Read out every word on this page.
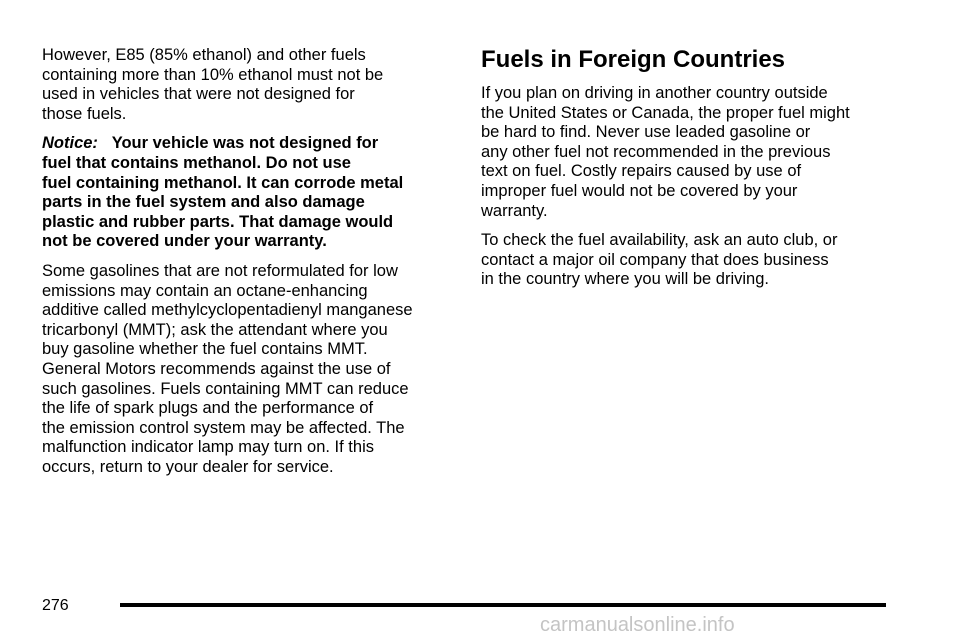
However, E85 (85% ethanol) and other fuels
containing more than 10% ethanol must not be
used in vehicles that were not designed for
those fuels.

Notice: Your vehicle was not designed for
fuel that contains methanol. Do not use
fuel containing methanol. It can corrode metal
parts in the fuel system and also damage
plastic and rubber parts. That damage would
not be covered under your warranty.

Some gasolines that are not reformulated for low
emissions may contain an octane-enhancing
additive called methylcyclopentadienyl manganese
tricarbonyl (MMT); ask the attendant where you
buy gasoline whether the fuel contains MMT.
General Motors recommends against the use of
such gasolines. Fuels containing MMT can reduce
the life of spark plugs and the performance of
the emission control system may be affected. The
malfunction indicator lamp may turn on. If this
occurs, return to your dealer for service.

Fuels in Foreign Countries

If you plan on driving in another country outside
the United States or Canada, the proper fuel might
be hard to find. Never use leaded gasoline or
any other fuel not recommended in the previous
text on fuel. Costly repairs caused by use of
improper fuel would not be covered by your
warranty.

To check the fuel availability, ask an auto club, or
contact a major oil company that does business
in the country where you will be driving.

276
carmanualsonline.info
